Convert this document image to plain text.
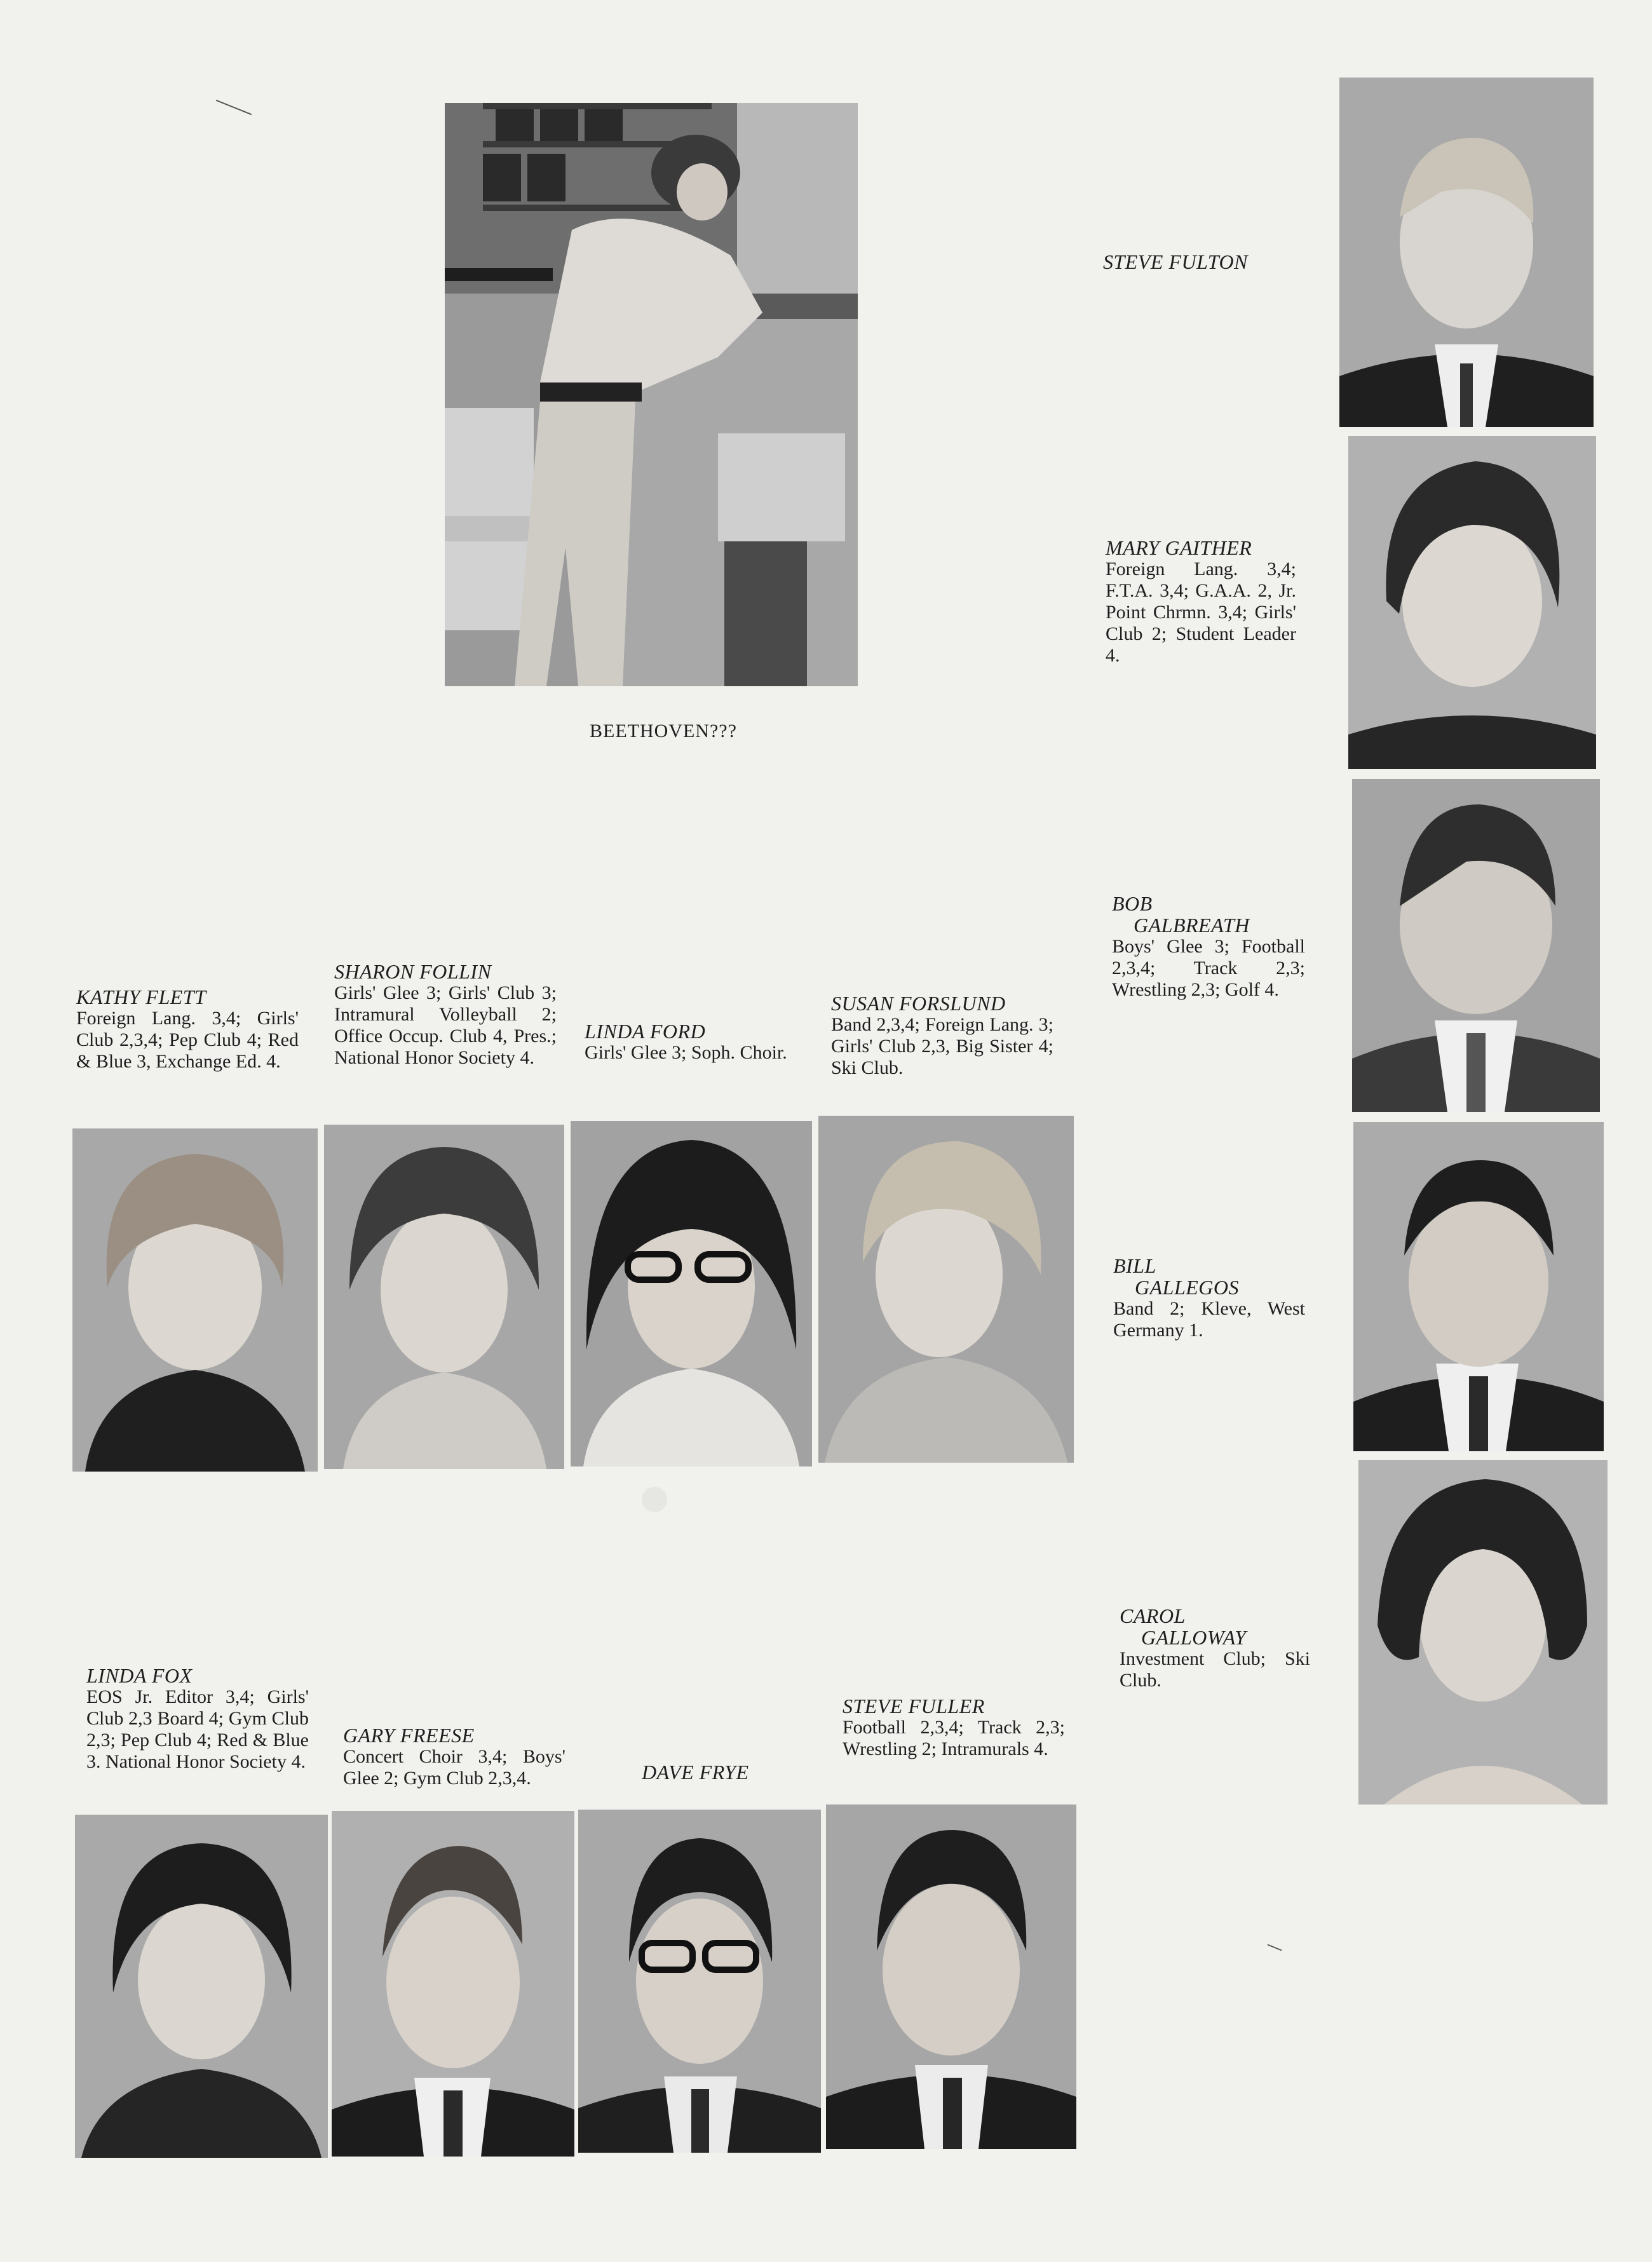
BEETHOVEN???
STEVE FULTON
MARY GAITHER
Foreign Lang. 3,4; F.T.A. 3,4; G.A.A. 2, Jr. Point Chrmn. 3,4; Girls' Club 2; Student Leader 4.
BOB
GALBREATH
Boys' Glee 3; Football 2,3,4; Track 2,3; Wrestling 2,3; Golf 4.
BILL
GALLEGOS
Band 2; Kleve, West Germany 1.
CAROL
GALLOWAY
Investment Club; Ski Club.
KATHY FLETT
Foreign Lang. 3,4; Girls' Club 2,3,4; Pep Club 4; Red & Blue 3, Exchange Ed. 4.
SHARON FOLLIN
Girls' Glee 3; Girls' Club 3; Intramural Volleyball 2; Office Occup. Club 4, Pres.; National Honor Society 4.
LINDA FORD
Girls' Glee 3; Soph. Choir.
SUSAN FORSLUND
Band 2,3,4; Foreign Lang. 3; Girls' Club 2,3, Big Sister 4; Ski Club.
LINDA FOX
EOS Jr. Editor 3,4; Girls' Club 2,3 Board 4; Gym Club 2,3; Pep Club 4; Red & Blue 3. National Honor Society 4.
GARY FREESE
Concert Choir 3,4; Boys' Glee 2; Gym Club 2,3,4.	DAVE FRYE
STEVE FULLER
Football 2,3,4; Track 2,3; Wrestling 2; Intramurals 4.
